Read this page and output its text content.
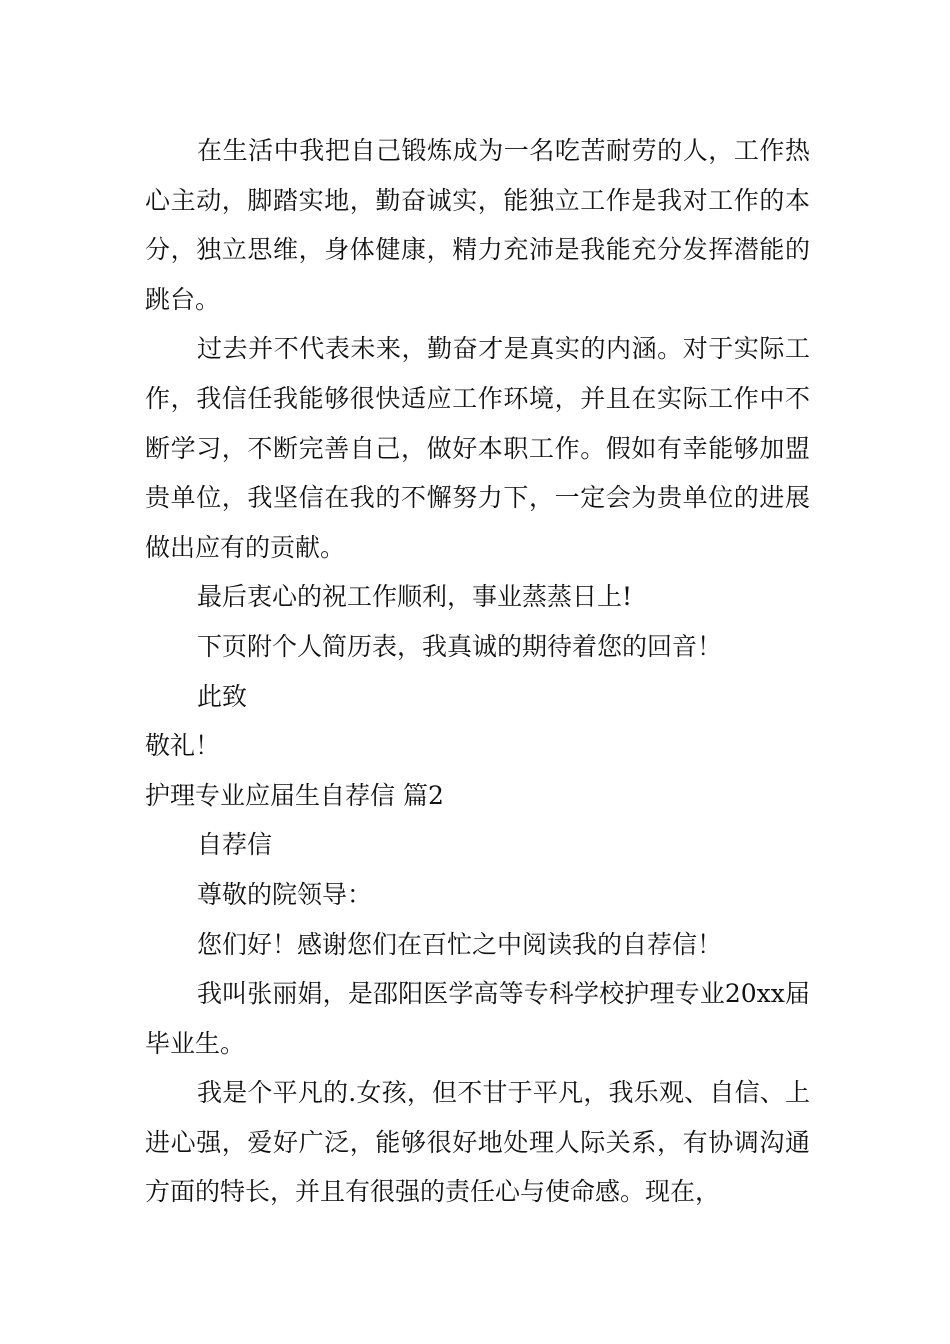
在生活中我把自己锻炼成为一名吃苦耐劳的人，工作热心主动，脚踏实地，勤奋诚实，能独立工作是我对工作的本分，独立思维，身体健康，精力充沛是我能充分发挥潜能的跳台。

过去并不代表未来，勤奋才是真实的内涵。对于实际工作，我信任我能够很快适应工作环境，并且在实际工作中不断学习，不断完善自己，做好本职工作。假如有幸能够加盟贵单位，我坚信在我的不懈努力下，一定会为贵单位的进展做出应有的贡献。

最后衷心的祝工作顺利，事业蒸蒸日上!

下页附个人简历表，我真诚的期待着您的回音！

此致

敬礼！

护理专业应届生自荐信 篇2

自荐信

尊敬的院领导：

您们好！感谢您们在百忙之中阅读我的自荐信！

我叫张丽娟，是邵阳医学高等专科学校护理专业20xx届毕业生。

我是个平凡的.女孩，但不甘于平凡，我乐观、自信、上进心强，爱好广泛，能够很好地处理人际关系，有协调沟通方面的特长，并且有很强的责任心与使命感。现在，
